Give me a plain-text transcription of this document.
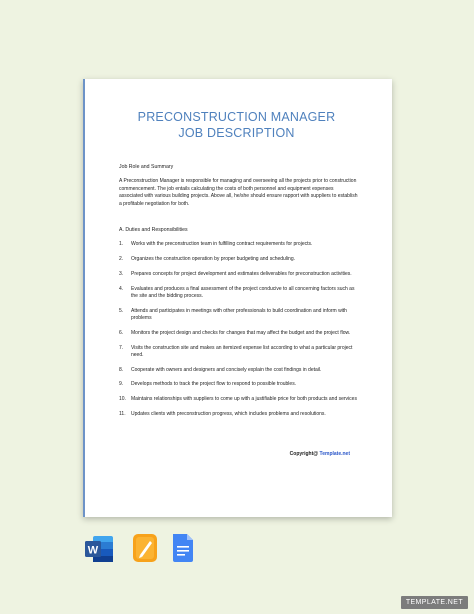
PRECONSTRUCTION MANAGER
JOB DESCRIPTION
Job Role and Summary
A Preconstruction Manager is responsible for managing and overseeing all the projects prior to construction commencement. The job entails calculating the costs of both personnel and equipment expenses associated with various building projects. Above all, he/she should ensure rapport with suppliers to establish a profitable negotiation for both.
A. Duties and Responsibilities
1.	Works with the preconstruction team in fulfilling contract requirements for projects.
2.	Organizes the construction operation by proper budgeting and scheduling.
3.	Prepares concepts for project development and estimates deliverables for preconstruction activities.
4.	Evaluates and produces a final assessment of the project conducive to all concerning factors such as the site and the bidding process.
5.	Attends and participates in meetings with other professionals to build coordination and inform with problems
6.	Monitors the project design and checks for changes that may affect the budget and the project flow.
7.	Visits the construction site and makes an itemized expense list according to what a particular project need.
8.	Cooperate with owners and designers and concisely explain the cost findings in detail.
9.	Develops methods to track the project flow to respond to possible troubles.
10.	Maintains relationships with suppliers to come up with a justifiable price for both products and services
11.	Updates clients with preconstruction progress, which includes problems and resolutions.
Copyright@ Template.net
W
TEMPLATE.NET
